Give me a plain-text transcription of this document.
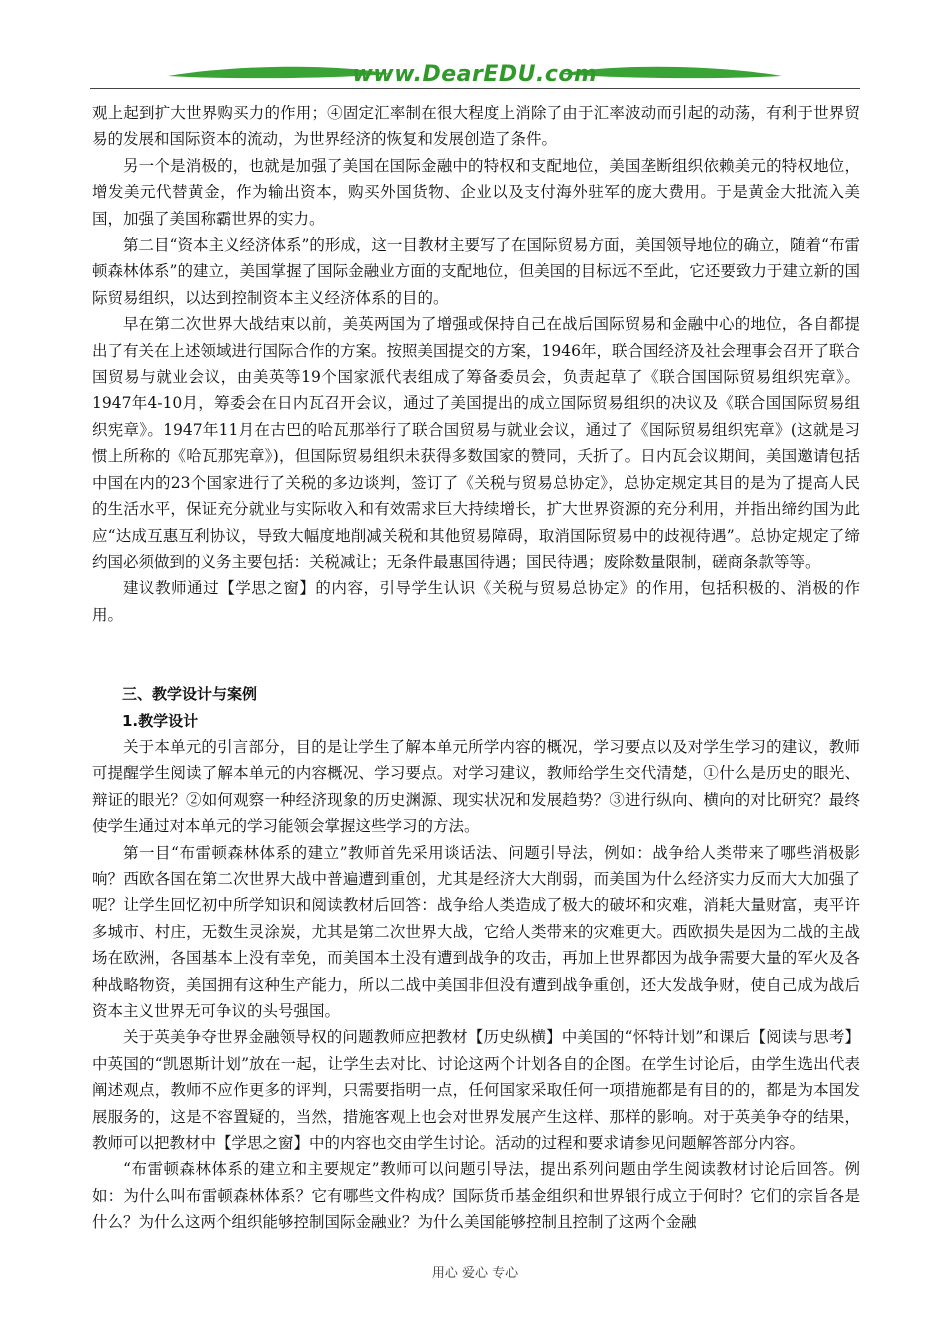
www.DearEDU.com

观上起到扩大世界购买力的作用；④固定汇率制在很大程度上消除了由于汇率波动而引起的动荡，有利于世界贸易的发展和国际资本的流动，为世界经济的恢复和发展创造了条件。

另一个是消极的，也就是加强了美国在国际金融中的特权和支配地位，美国垄断组织依赖美元的特权地位，增发美元代替黄金，作为输出资本，购买外国货物、企业以及支付海外驻军的庞大费用。于是黄金大批流入美国，加强了美国称霸世界的实力。

第二目“资本主义经济体系”的形成，这一目教材主要写了在国际贸易方面，美国领导地位的确立，随着“布雷顿森林体系”的建立，美国掌握了国际金融业方面的支配地位，但美国的目标远不至此，它还要致力于建立新的国际贸易组织，以达到控制资本主义经济体系的目的。

早在第二次世界大战结束以前，美英两国为了增强或保持自己在战后国际贸易和金融中心的地位，各自都提出了有关在上述领域进行国际合作的方案。按照美国提交的方案，1946年，联合国经济及社会理事会召开了联合国贸易与就业会议，由美英等19个国家派代表组成了筹备委员会，负责起草了《联合国国际贸易组织宪章》。1947年4-10月，筹委会在日内瓦召开会议，通过了美国提出的成立国际贸易组织的决议及《联合国国际贸易组织宪章》。1947年11月在古巴的哈瓦那举行了联合国贸易与就业会议，通过了《国际贸易组织宪章》(这就是习惯上所称的《哈瓦那宪章》)，但国际贸易组织未获得多数国家的赞同，夭折了。日内瓦会议期间，美国邀请包括中国在内的23个国家进行了关税的多边谈判，签订了《关税与贸易总协定》，总协定规定其目的是为了提高人民的生活水平，保证充分就业与实际收入和有效需求巨大持续增长，扩大世界资源的充分利用，并指出缔约国为此应“达成互惠互利协议，导致大幅度地削减关税和其他贸易障碍，取消国际贸易中的歧视待遇”。总协定规定了缔约国必须做到的义务主要包括：关税减让；无条件最惠国待遇；国民待遇；废除数量限制，磋商条款等等。

建议教师通过【学思之窗】的内容，引导学生认识《关税与贸易总协定》的作用，包括积极的、消极的作用。

三、教学设计与案例

1.教学设计

关于本单元的引言部分，目的是让学生了解本单元所学内容的概况，学习要点以及对学生学习的建议，教师可提醒学生阅读了解本单元的内容概况、学习要点。对学习建议，教师给学生交代清楚，①什么是历史的眼光、辩证的眼光？②如何观察一种经济现象的历史渊源、现实状况和发展趋势？③进行纵向、横向的对比研究？最终使学生通过对本单元的学习能领会掌握这些学习的方法。

第一目“布雷顿森林体系的建立”教师首先采用谈话法、问题引导法，例如：战争给人类带来了哪些消极影响？西欧各国在第二次世界大战中普遍遭到重创，尤其是经济大大削弱，而美国为什么经济实力反而大大加强了呢？让学生回忆初中所学知识和阅读教材后回答：战争给人类造成了极大的破坏和灾难，消耗大量财富，夷平许多城市、村庄，无数生灵涂炭，尤其是第二次世界大战，它给人类带来的灾难更大。西欧损失是因为二战的主战场在欧洲，各国基本上没有幸免，而美国本土没有遭到战争的攻击，再加上世界都因为战争需要大量的军火及各种战略物资，美国拥有这种生产能力，所以二战中美国非但没有遭到战争重创，还大发战争财，使自己成为战后资本主义世界无可争议的头号强国。

关于英美争夺世界金融领导权的问题教师应把教材【历史纵横】中美国的“怀特计划”和课后【阅读与思考】中英国的“凯恩斯计划”放在一起，让学生去对比、讨论这两个计划各自的企图。在学生讨论后，由学生选出代表阐述观点，教师不应作更多的评判，只需要指明一点，任何国家采取任何一项措施都是有目的的，都是为本国发展服务的，这是不容置疑的，当然，措施客观上也会对世界发展产生这样、那样的影响。对于英美争夺的结果，教师可以把教材中【学思之窗】中的内容也交由学生讨论。活动的过程和要求请参见问题解答部分内容。

“布雷顿森林体系的建立和主要规定”教师可以问题引导法，提出系列问题由学生阅读教材讨论后回答。例如：为什么叫布雷顿森林体系？它有哪些文件构成？国际货币基金组织和世界银行成立于何时？它们的宗旨各是什么？为什么这两个组织能够控制国际金融业？为什么美国能够控制且控制了这两个金融

用心 爱心 专心
